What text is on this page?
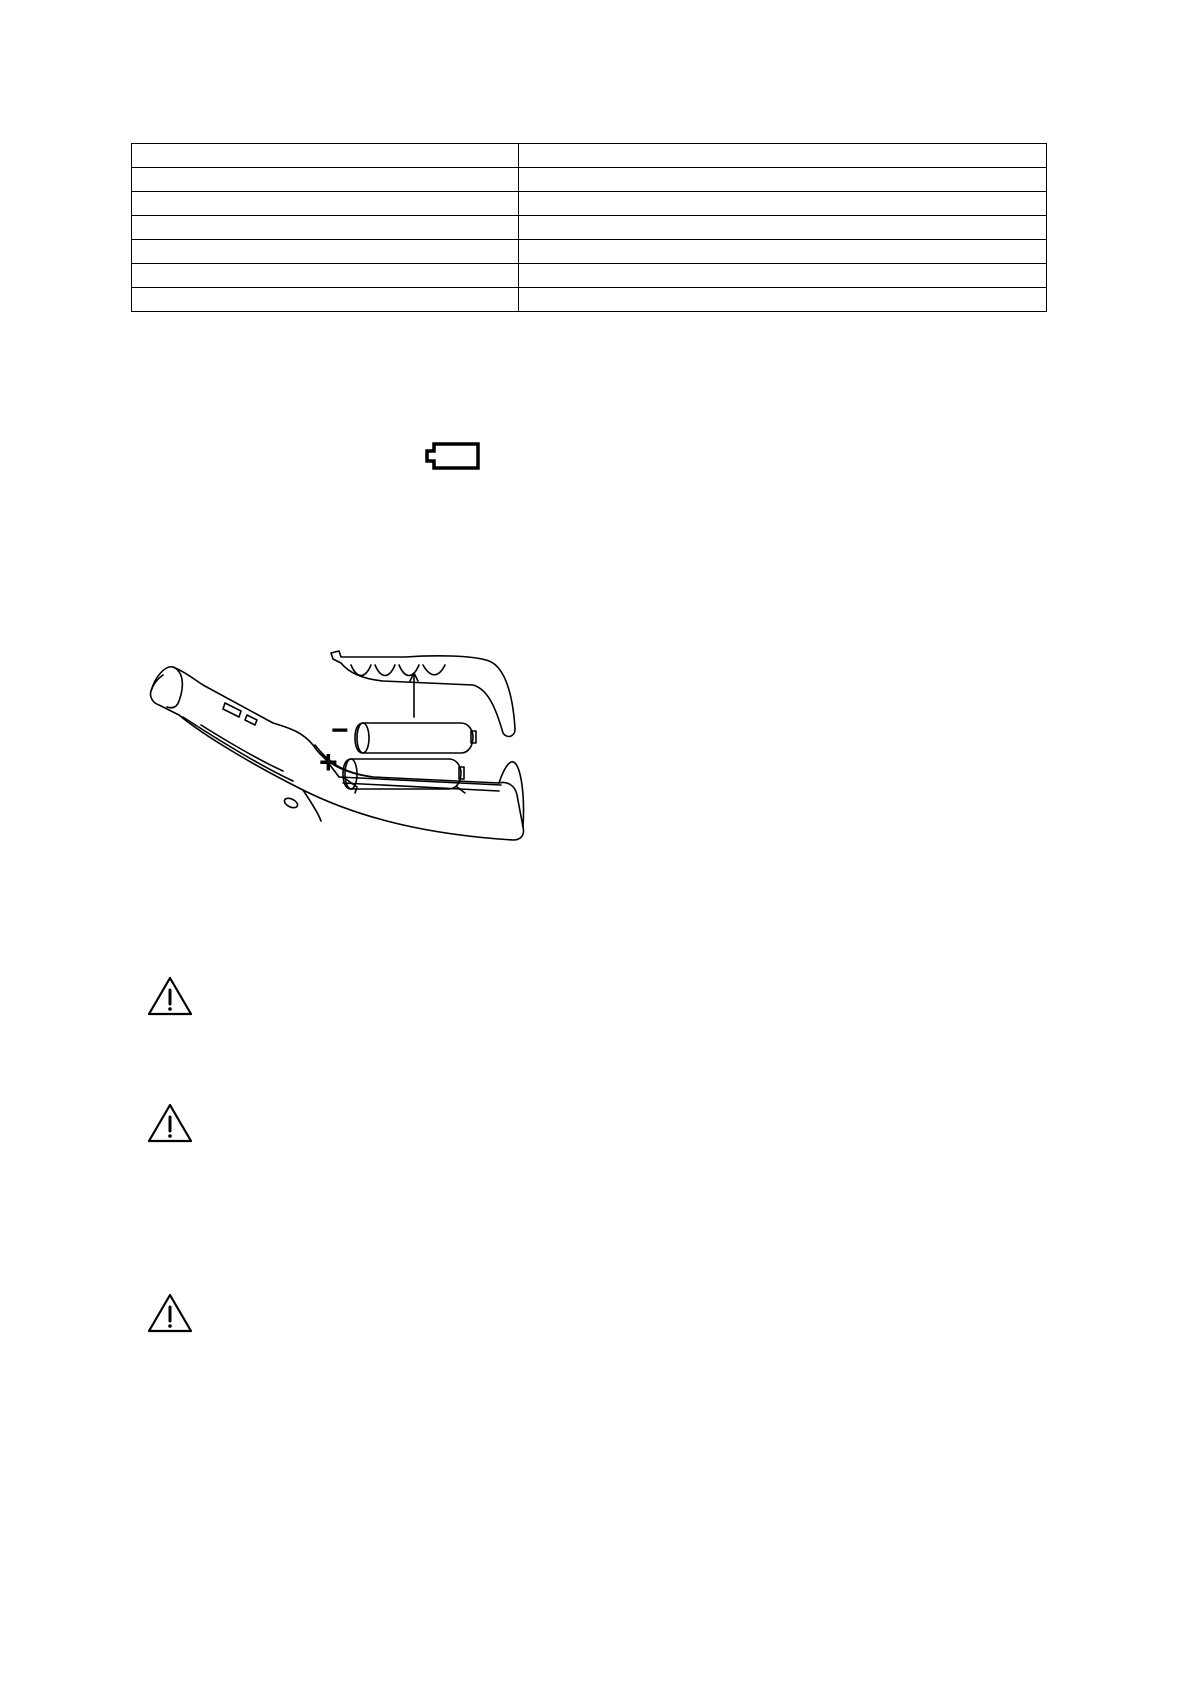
−
+
